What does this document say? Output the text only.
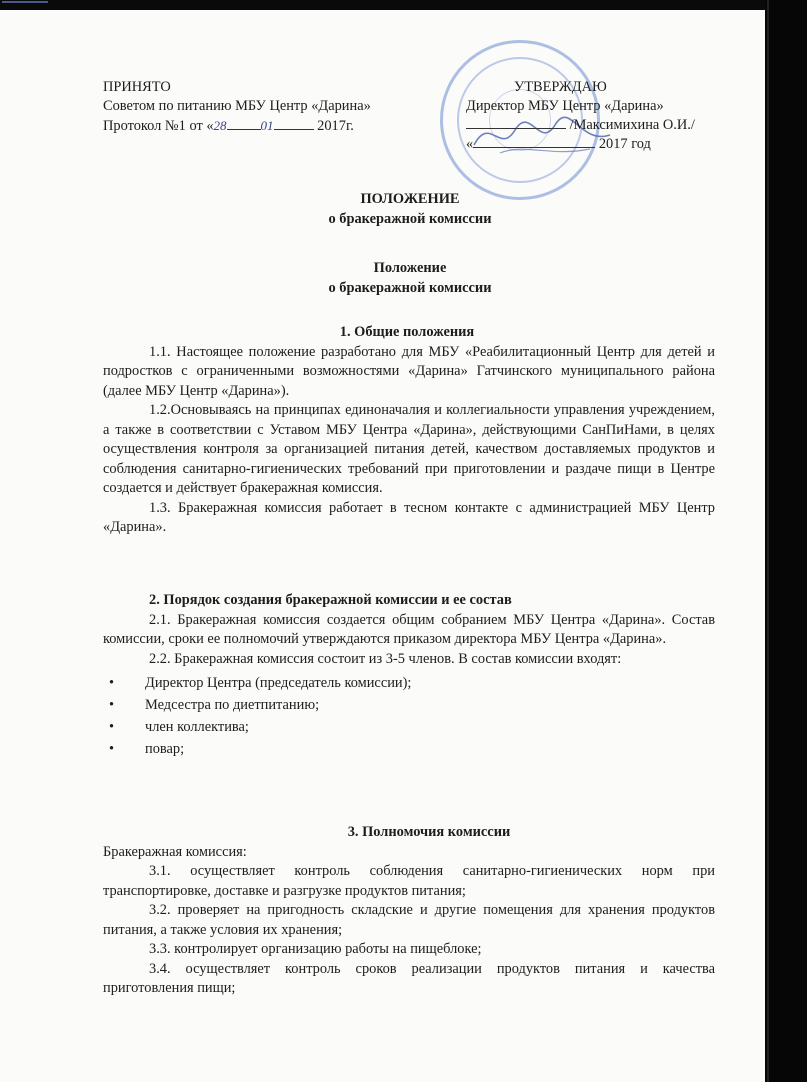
ПРИНЯТО
Советом по питанию МБУ Центр «Дарина»
Протокол №1 от «28	01	2017г.
УТВЕРЖДАЮ
Директор МБУ Центр «Дарина»
/Максимихина О.И./
«	2017 год
ПОЛОЖЕНИЕ
о бракеражной комиссии
Положение
о бракеражной комиссии
1. Общие положения

1.1. Настоящее положение разработано для МБУ «Реабилитационный Центр для детей и подростков с ограниченными возможностями «Дарина» Гатчинского муниципального района (далее МБУ Центр «Дарина»).

1.2.Основываясь на принципах единоначалия и коллегиальности управления учреждением, а также в соответствии с Уставом МБУ Центра «Дарина», действующими СанПиНами, в целях осуществления контроля за организацией питания детей, качеством доставляемых продуктов и соблюдения санитарно-гигиенических требований при приготовлении и раздаче пищи в Центре создается и действует бракеражная комиссия.

1.3. Бракеражная комиссия работает в тесном контакте с администрацией МБУ Центр «Дарина».

2. Порядок создания бракеражной комиссии и ее состав

2.1. Бракеражная комиссия создается общим собранием МБУ Центра «Дарина». Состав комиссии, сроки ее полномочий утверждаются приказом директора МБУ Центра «Дарина».

2.2. Бракеражная комиссия состоит из 3-5 членов. В состав комиссии входят:

• Директор Центра (председатель комиссии);

• Медсестра по диетпитанию;

• член коллектива;

• повар;

3. Полномочия комиссии

Бракеражная комиссия:

3.1. осуществляет контроль соблюдения санитарно-гигиенических норм при транспортировке, доставке и разгрузке продуктов питания;

3.2. проверяет на пригодность складские и другие помещения для хранения продуктов питания, а также условия их хранения;

3.3. контролирует организацию работы на пищеблоке;

3.4. осуществляет контроль сроков реализации продуктов питания и качества приготовления пищи;
